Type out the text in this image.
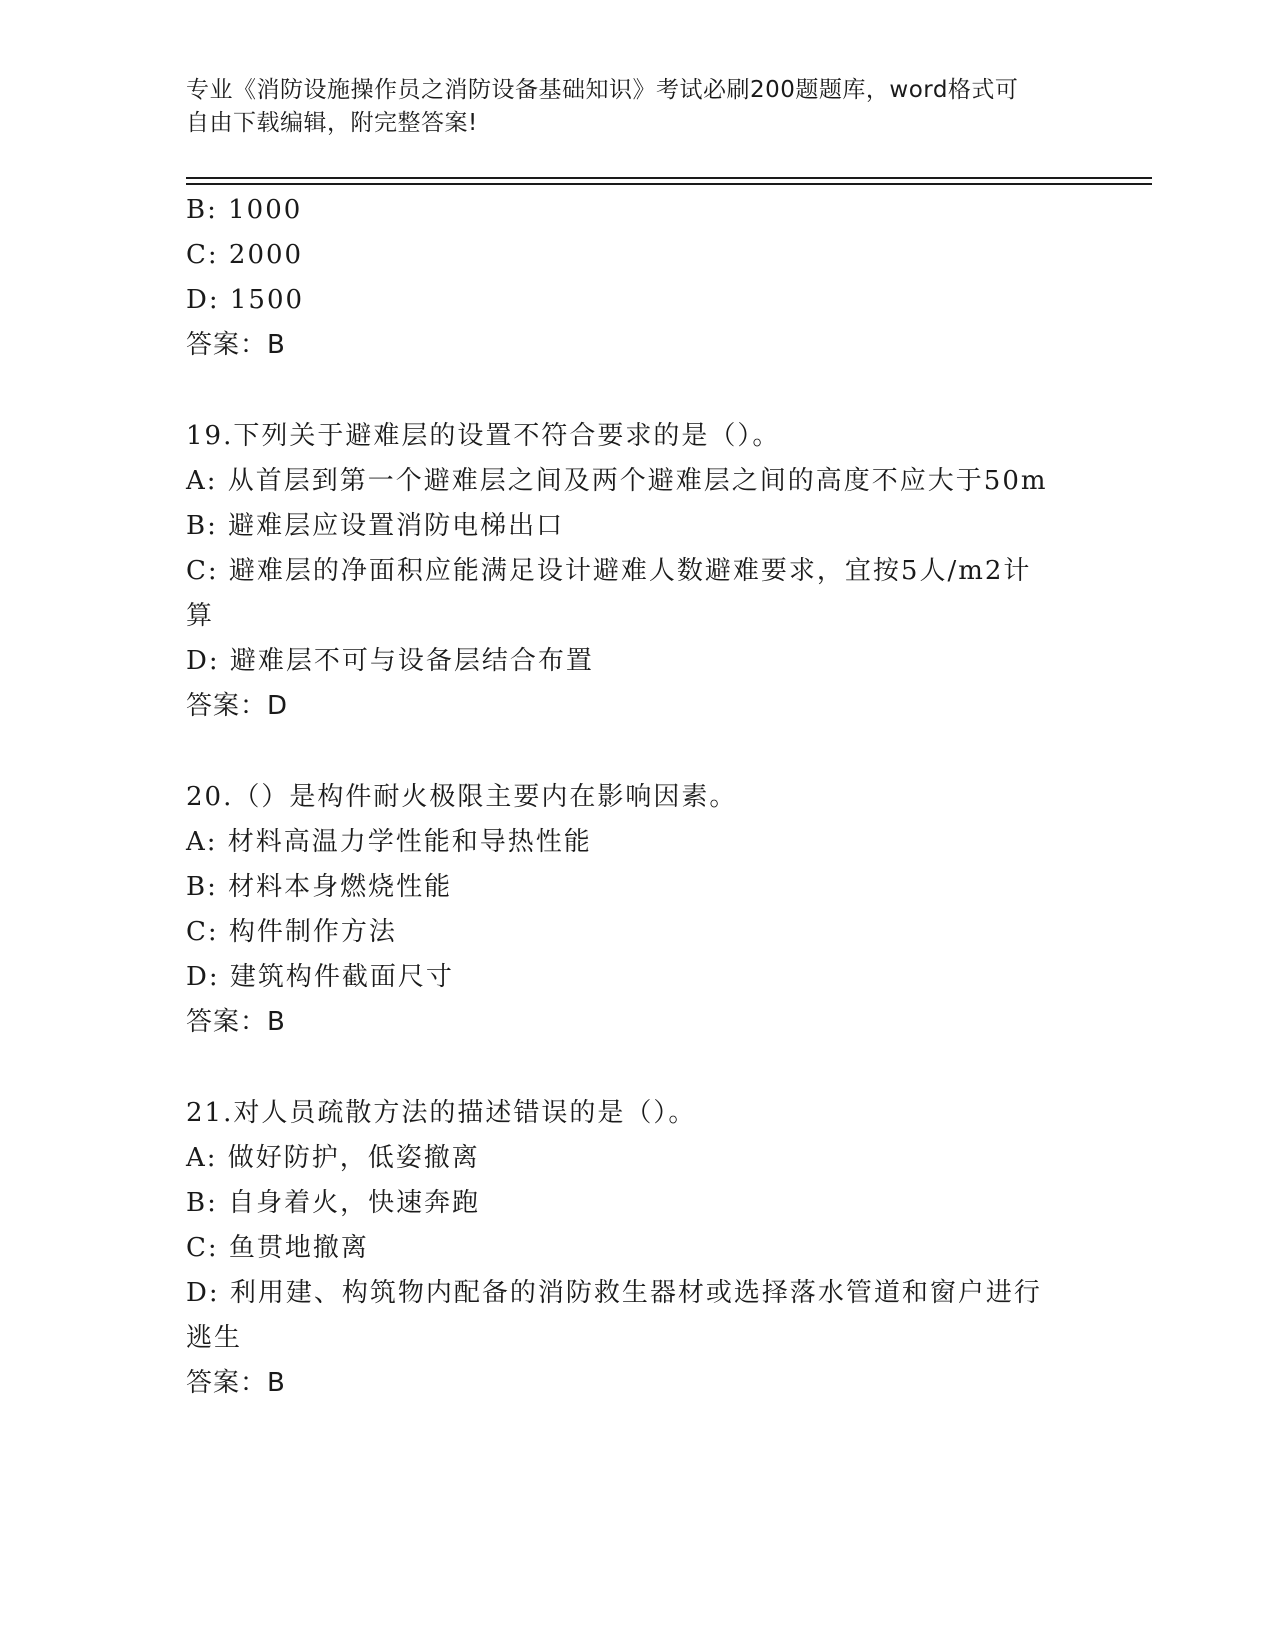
专业《消防设施操作员之消防设备基础知识》考试必刷200题题库，word格式可
自由下载编辑，附完整答案!
B: 1000
C: 2000
D: 1500
答案：B
19.下列关于避难层的设置不符合要求的是（）。
A: 从首层到第一个避难层之间及两个避难层之间的高度不应大于50m
B: 避难层应设置消防电梯出口
C: 避难层的净面积应能满足设计避难人数避难要求，宜按5人/m2计
算
D: 避难层不可与设备层结合布置
答案：D
20.（）是构件耐火极限主要内在影响因素。
A: 材料高温力学性能和导热性能
B: 材料本身燃烧性能
C: 构件制作方法
D: 建筑构件截面尺寸
答案：B
21.对人员疏散方法的描述错误的是（）。
A: 做好防护，低姿撤离
B: 自身着火，快速奔跑
C: 鱼贯地撤离
D: 利用建、构筑物内配备的消防救生器材或选择落水管道和窗户进行
逃生
答案：B
